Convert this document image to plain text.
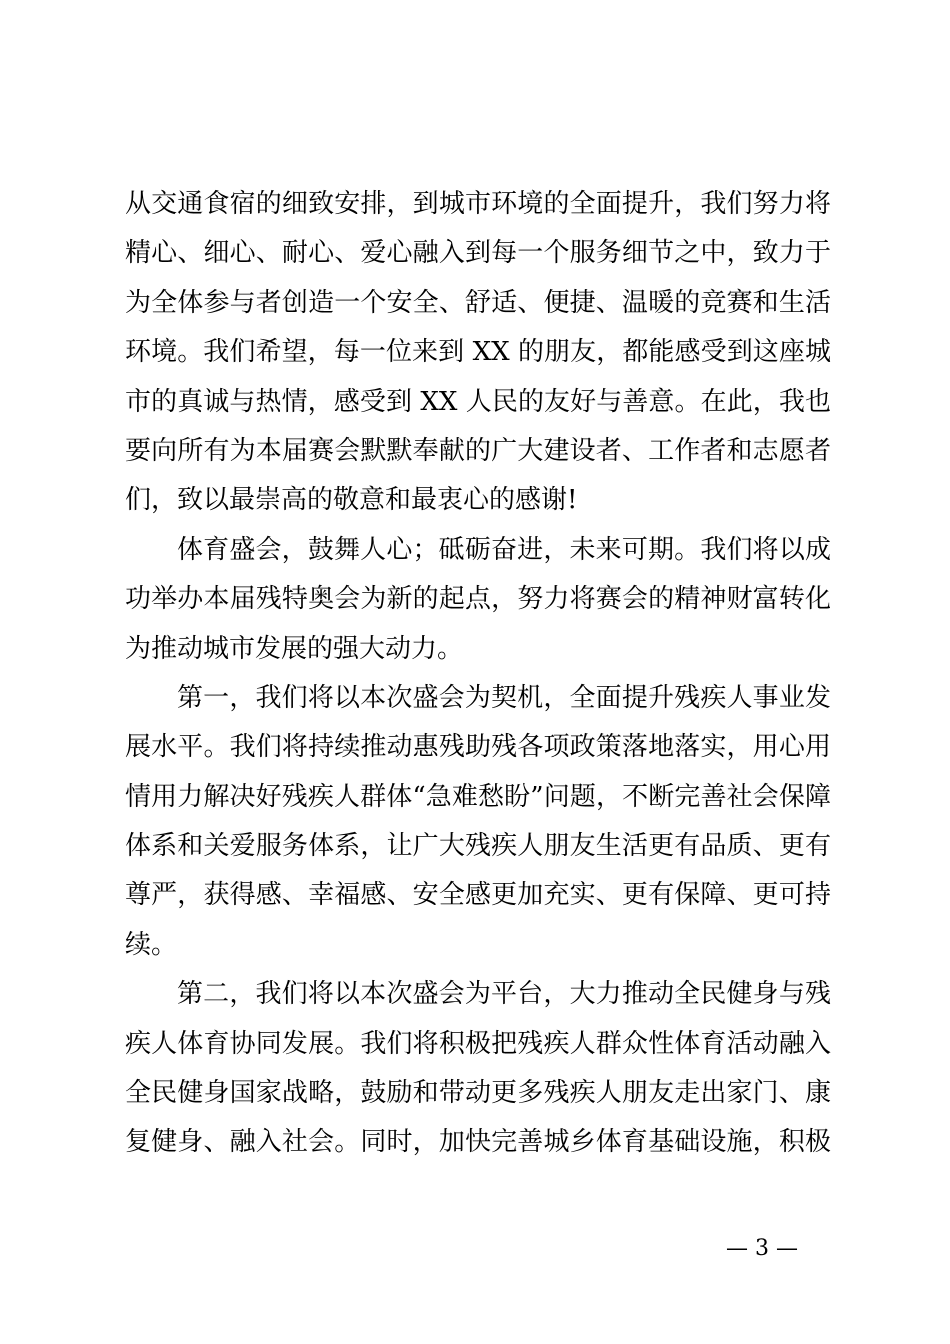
从交通食宿的细致安排，到城市环境的全面提升，我们努力将
精心、细心、耐心、爱心融入到每一个服务细节之中，致力于
为全体参与者创造一个安全、舒适、便捷、温暖的竞赛和生活
环境。我们希望，每一位来到 XX 的朋友，都能感受到这座城
市的真诚与热情，感受到 XX 人民的友好与善意。在此，我也
要向所有为本届赛会默默奉献的广大建设者、工作者和志愿者
们，致以最崇高的敬意和最衷心的感谢!
体育盛会，鼓舞人心；砥砺奋进，未来可期。我们将以成
功举办本届残特奥会为新的起点，努力将赛会的精神财富转化
为推动城市发展的强大动力。
第一，我们将以本次盛会为契机，全面提升残疾人事业发
展水平。我们将持续推动惠残助残各项政策落地落实，用心用
情用力解决好残疾人群体“急难愁盼”问题，不断完善社会保障
体系和关爱服务体系，让广大残疾人朋友生活更有品质、更有
尊严，获得感、幸福感、安全感更加充实、更有保障、更可持
续。
第二，我们将以本次盛会为平台，大力推动全民健身与残
疾人体育协同发展。我们将积极把残疾人群众性体育活动融入
全民健身国家战略，鼓励和带动更多残疾人朋友走出家门、康
复健身、融入社会。同时，加快完善城乡体育基础设施，积极
— 3 —
